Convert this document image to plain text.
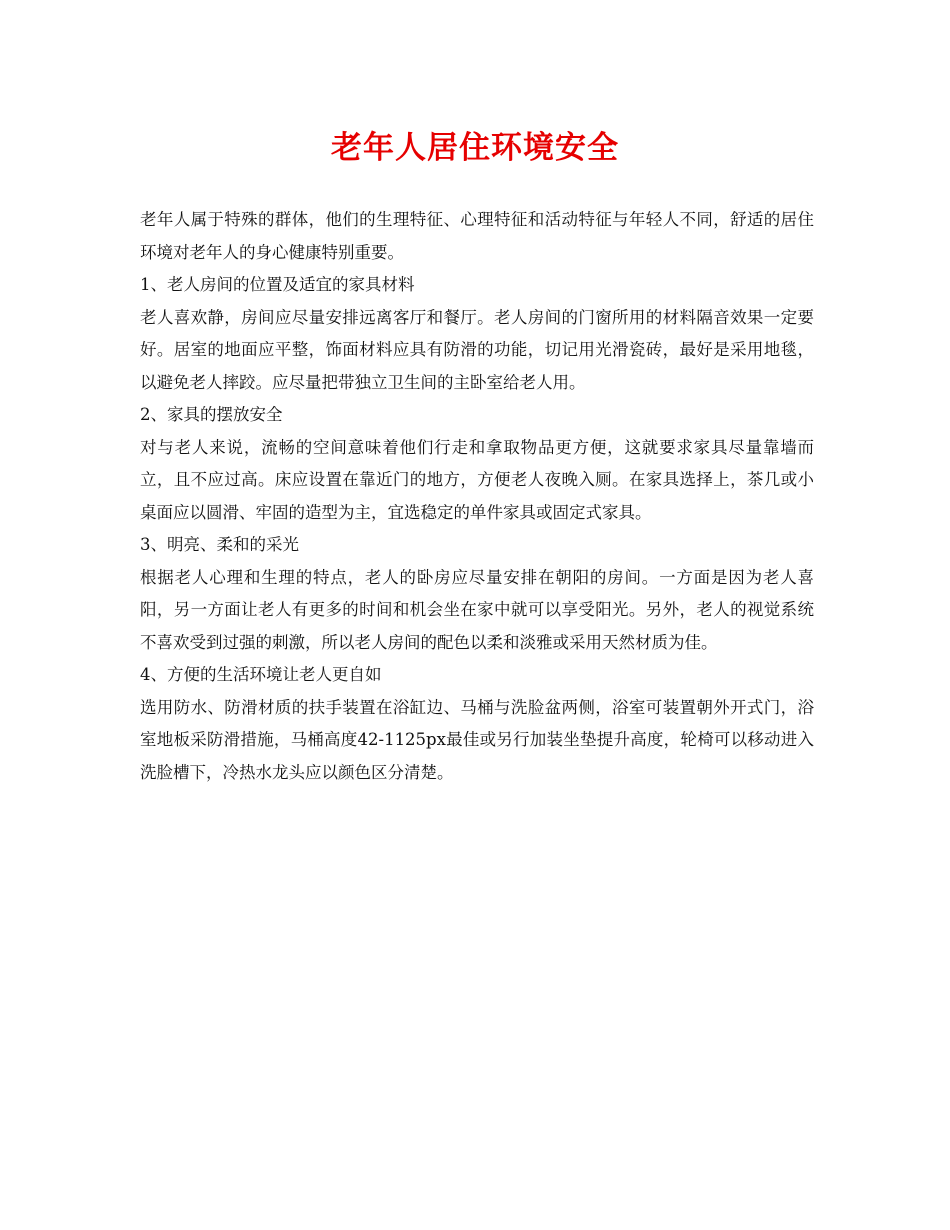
老年人居住环境安全

老年人属于特殊的群体，他们的生理特征、心理特征和活动特征与年轻人不同，舒适的居住环境对老年人的身心健康特别重要。

1、老人房间的位置及适宜的家具材料

老人喜欢静，房间应尽量安排远离客厅和餐厅。老人房间的门窗所用的材料隔音效果一定要好。居室的地面应平整，饰面材料应具有防滑的功能，切记用光滑瓷砖，最好是采用地毯，以避免老人摔跤。应尽量把带独立卫生间的主卧室给老人用。

2、家具的摆放安全

对与老人来说，流畅的空间意味着他们行走和拿取物品更方便，这就要求家具尽量靠墙而立，且不应过高。床应设置在靠近门的地方，方便老人夜晚入厕。在家具选择上，茶几或小桌面应以圆滑、牢固的造型为主，宜选稳定的单件家具或固定式家具。

3、明亮、柔和的采光

根据老人心理和生理的特点，老人的卧房应尽量安排在朝阳的房间。一方面是因为老人喜阳，另一方面让老人有更多的时间和机会坐在家中就可以享受阳光。另外，老人的视觉系统不喜欢受到过强的刺激，所以老人房间的配色以柔和淡雅或采用天然材质为佳。

4、方便的生活环境让老人更自如

选用防水、防滑材质的扶手装置在浴缸边、马桶与洗脸盆两侧，浴室可装置朝外开式门，浴室地板采防滑措施，马桶高度42-1125px最佳或另行加装坐垫提升高度，轮椅可以移动进入洗脸槽下，冷热水龙头应以颜色区分清楚。
